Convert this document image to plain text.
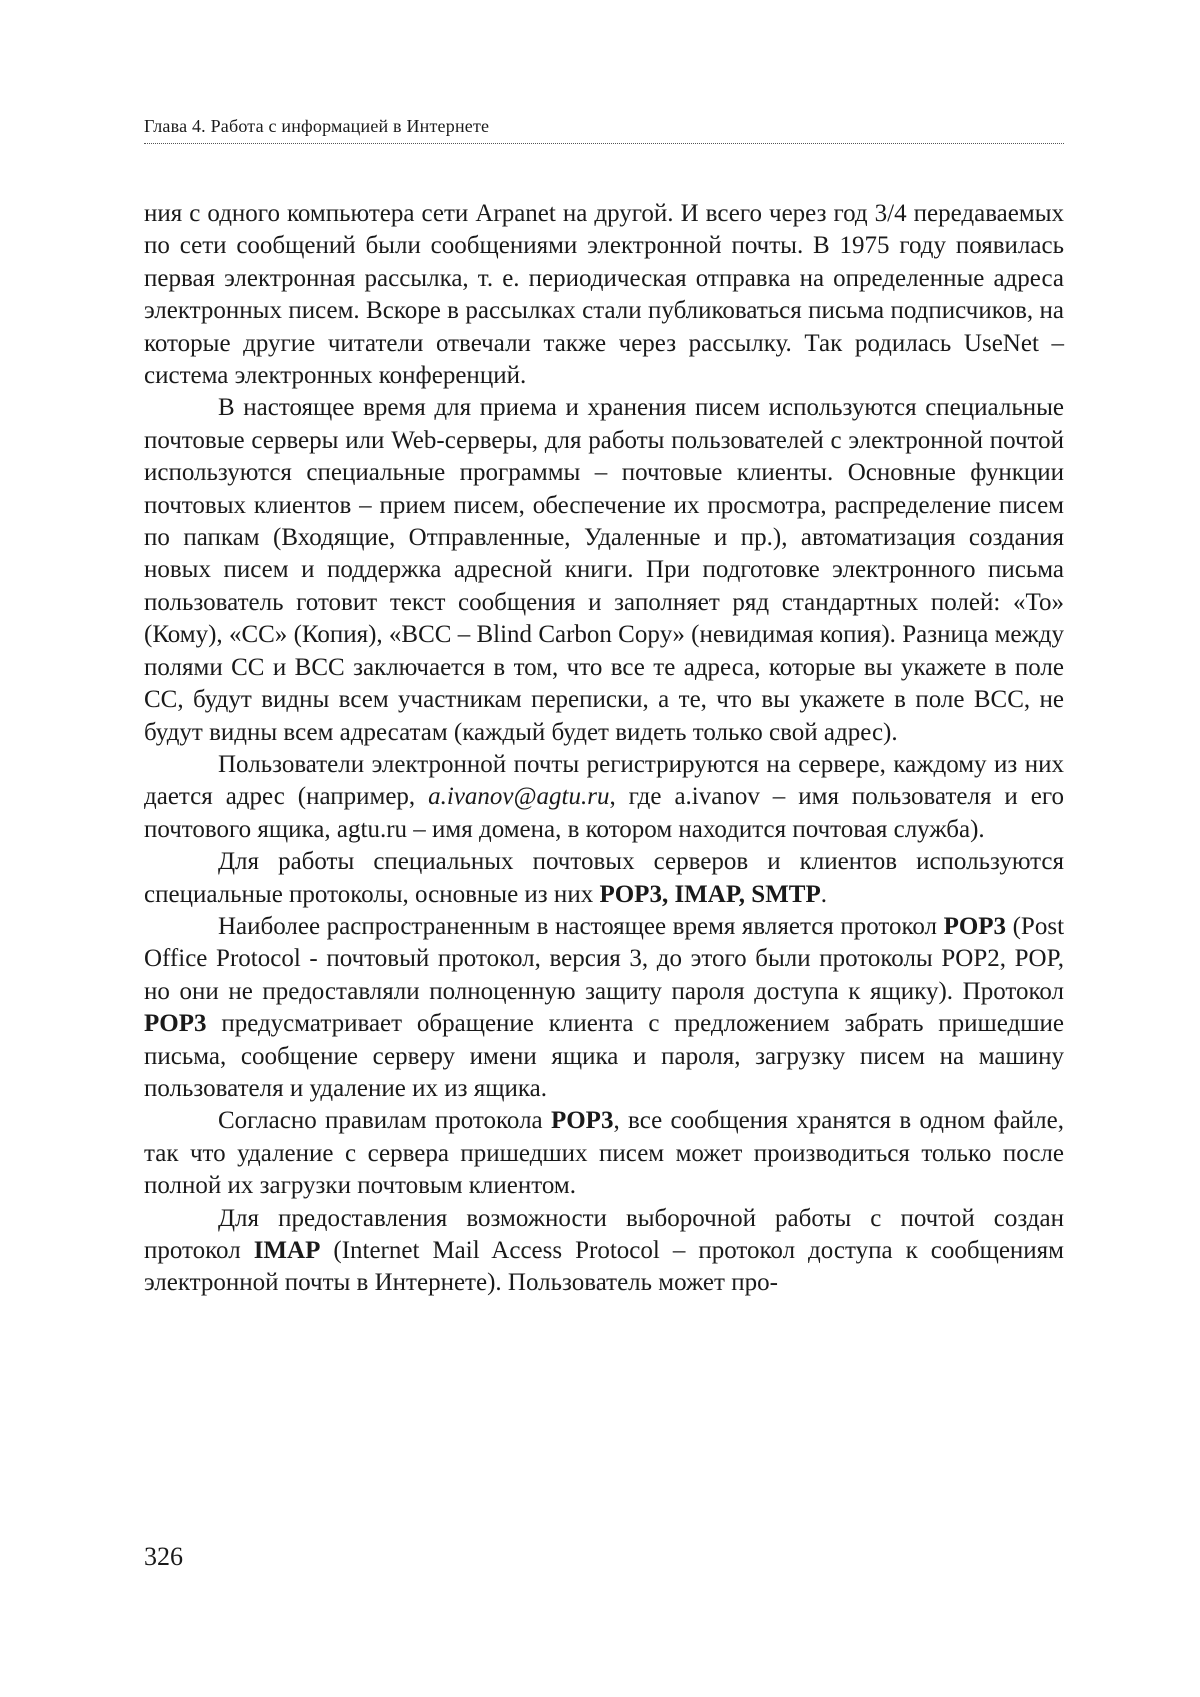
Глава 4. Работа с информацией в Интернете

ния с одного компьютера сети Arpanet на другой. И всего через год 3/4 передаваемых по сети сообщений были сообщениями электронной почты. В 1975 году появилась первая электронная рассылка, т. е. периодическая отправка на определенные адреса электронных писем. Вскоре в рассылках стали публиковаться письма подписчиков, на которые другие читатели отвечали также через рассылку. Так родилась UseNet – система электронных конференций.

В настоящее время для приема и хранения писем используются специальные почтовые серверы или Web-серверы, для работы пользователей с электронной почтой используются специальные программы – почтовые клиенты. Основные функции почтовых клиентов – прием писем, обеспечение их просмотра, распределение писем по папкам (Входящие, Отправленные, Удаленные и пр.), автоматизация создания новых писем и поддержка адресной книги. При подготовке электронного письма пользователь готовит текст сообщения и заполняет ряд стандартных полей: «To» (Кому), «CC» (Копия), «BCC – Blind Carbon Copy» (невидимая копия). Разница между полями CC и BCC заключается в том, что все те адреса, которые вы укажете в поле CC, будут видны всем участникам переписки, а те, что вы укажете в поле BCC, не будут видны всем адресатам (каждый будет видеть только свой адрес).

Пользователи электронной почты регистрируются на сервере, каждому из них дается адрес (например, a.ivanov@agtu.ru, где a.ivanov – имя пользователя и его почтового ящика, agtu.ru – имя домена, в котором находится почтовая служба).

Для работы специальных почтовых серверов и клиентов используются специальные протоколы, основные из них POP3, IMAP, SMTP.

Наиболее распространенным в настоящее время является протокол POP3 (Post Office Protocol ‑ почтовый протокол, версия 3, до этого были протоколы POP2, POP, но они не предоставляли полноценную защиту пароля доступа к ящику). Протокол POP3 предусматривает обращение клиента с предложением забрать пришедшие письма, сообщение серверу имени ящика и пароля, загрузку писем на машину пользователя и удаление их из ящика.

Согласно правилам протокола POP3, все сообщения хранятся в одном файле, так что удаление с сервера пришедших писем может производиться только после полной их загрузки почтовым клиентом.

Для предоставления возможности выборочной работы с почтой создан протокол IMAP (Internet Mail Access Protocol – протокол доступа к сообщениям электронной почты в Интернете). Пользователь может про-

326
